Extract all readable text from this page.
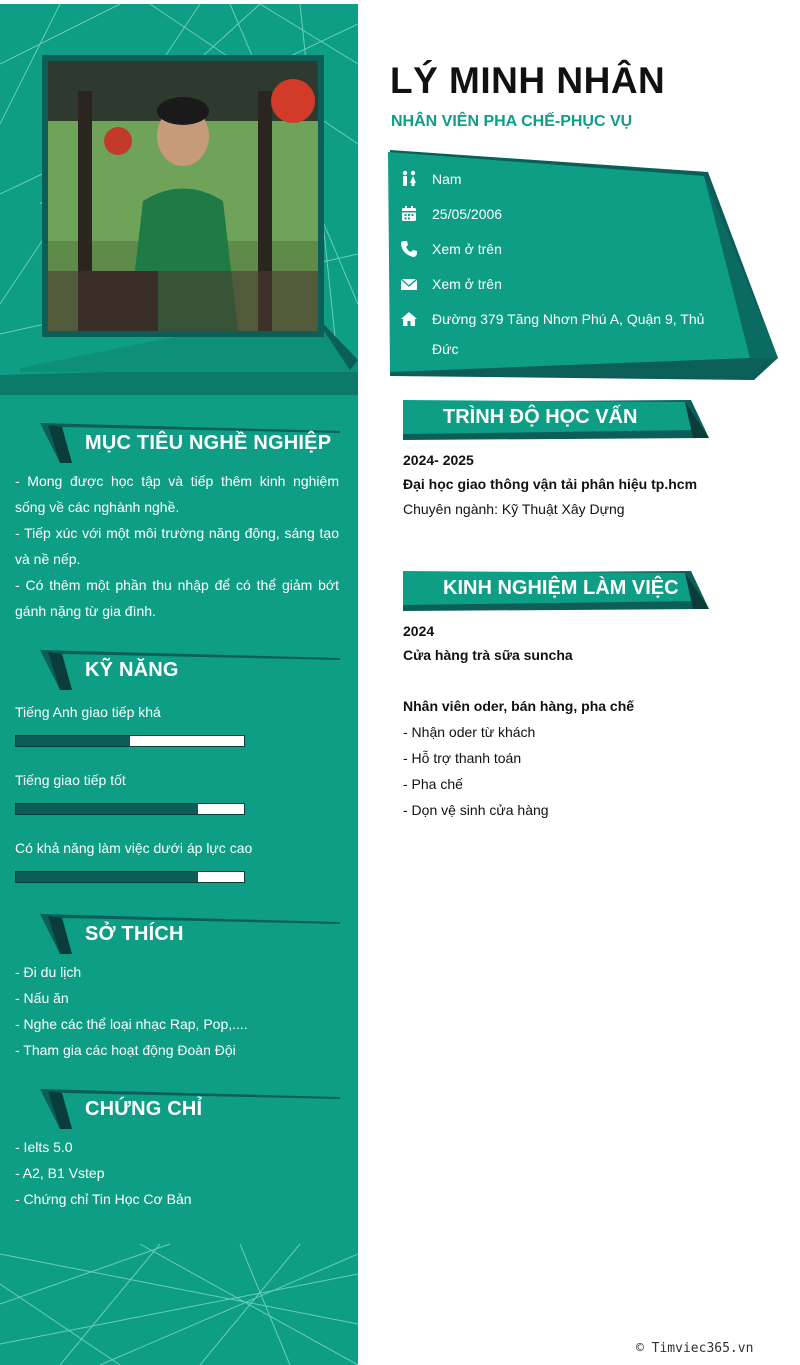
MỤC TIÊU NGHỀ NGHIỆP
- Mong được học tập và tiếp thêm kinh nghiệm sống về các nghành nghề.
- Tiếp xúc với một môi trường năng động, sáng tạo và nề nếp.
- Có thêm một phần thu nhập để có thể giảm bớt gánh nặng từ gia đình.
KỸ NĂNG
Tiếng Anh giao tiếp khá
Tiếng giao tiếp tốt
Có khả năng làm việc dưới áp lực cao
SỞ THÍCH
- Đi du lịch
- Nấu ăn
- Nghe các thể loại nhạc Rap, Pop,....
- Tham gia các hoạt động Đoàn Đội
CHỨNG CHỈ
- Ielts 5.0
- A2, B1 Vstep
- Chứng chỉ Tin Học Cơ Bản
LÝ MINH NHÂN
NHÂN VIÊN PHA CHẾ-PHỤC VỤ
Nam
25/05/2006
Xem ở trên
Xem ở trên
Đường 379 Tăng Nhơn Phú A, Quận 9, Thủ Đức
TRÌNH ĐỘ HỌC VẤN
2024- 2025
Đại học giao thông vận tải phân hiệu tp.hcm
Chuyên ngành: Kỹ Thuật Xây Dựng
KINH NGHIỆM LÀM VIỆC
2024
Cửa hàng trà sữa suncha
Nhân viên oder, bán hàng, pha chế
- Nhận oder từ khách
- Hỗ trợ thanh toán
- Pha chế
- Dọn vệ sinh cửa hàng
© Timviec365.vn
